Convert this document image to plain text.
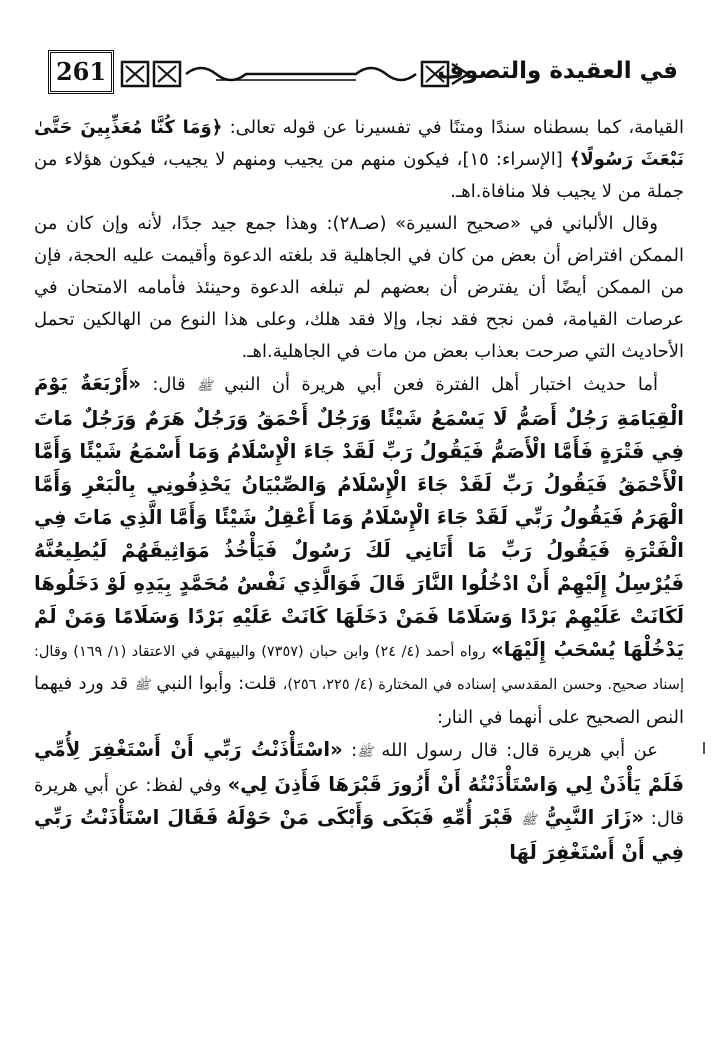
261	في العقيدة والتصوف

القيامة، كما بسطناه سندًا ومتنًا في تفسيرنا عن قوله تعالى: ﴿وَمَا كُنَّا مُعَذِّبِينَ حَتَّىٰ نَبْعَثَ رَسُولًا﴾ [الإسراء: ١٥]، فيكون منهم من يجيب ومنهم لا يجيب، فيكون هؤلاء من جملة من لا يجيب فلا منافاة.اهـ.

وقال الألباني في «صحيح السيرة» (صـ٢٨): وهذا جمع جيد جدًا، لأنه وإن كان من الممكن افتراض أن بعض من كان في الجاهلية قد بلغته الدعوة وأقيمت عليه الحجة، فإن من الممكن أيضًا أن يفترض أن بعضهم لم تبلغه الدعوة وحينئذ فأمامه الامتحان في عرصات القيامة، فمن نجح فقد نجا، وإلا فقد هلك، وعلى هذا النوع من الهالكين تحمل الأحاديث التي صرحت بعذاب بعض من مات في الجاهلية.اهـ.

أما حديث اختبار أهل الفترة فعن أبي هريرة أن النبي ﷺ قال: «أَرْبَعَةٌ يَوْمَ الْقِيَامَةِ رَجُلٌ أَصَمُّ لَا يَسْمَعُ شَيْئًا وَرَجُلٌ أَحْمَقُ وَرَجُلٌ هَرَمٌ وَرَجُلٌ مَاتَ فِي فَتْرَةٍ فَأَمَّا الْأَصَمُّ فَيَقُولُ رَبِّ لَقَدْ جَاءَ الْإِسْلَامُ وَمَا أَسْمَعُ شَيْئًا وَأَمَّا الْأَحْمَقُ فَيَقُولُ رَبِّ لَقَدْ جَاءَ الْإِسْلَامُ وَالصِّبْيَانُ يَحْذِفُونِي بِالْبَعْرِ وَأَمَّا الْهَرَمُ فَيَقُولُ رَبِّي لَقَدْ جَاءَ الْإِسْلَامُ وَمَا أَعْقِلُ شَيْئًا وَأَمَّا الَّذِي مَاتَ فِي الْفَتْرَةِ فَيَقُولُ رَبِّ مَا أَتَانِي لَكَ رَسُولٌ فَيَأْخُذُ مَوَاثِيقَهُمْ لَيُطِيعُنَّهُ فَيُرْسِلُ إِلَيْهِمْ أَنْ ادْخُلُوا النَّارَ قَالَ فَوَالَّذِي نَفْسُ مُحَمَّدٍ بِيَدِهِ لَوْ دَخَلُوهَا لَكَانَتْ عَلَيْهِمْ بَرْدًا وَسَلَامًا فَمَنْ دَخَلَهَا كَانَتْ عَلَيْهِ بَرْدًا وَسَلَامًا وَمَنْ لَمْ يَدْخُلْهَا يُسْحَبُ إِلَيْهَا» رواه أحمد (٤/ ٢٤) وابن حبان (٧٣٥٧) والبيهقي في الاعتقاد (١/ ١٦٩) وقال: إسناد صحيح. وحسن المقدسي إسناده في المختارة (٤/ ٢٢٥، ٢٥٦)، قلت: وأبوا النبي ﷺ قد ورد فيهما النص الصحيح على أنهما في النار:

عن أبي هريرة قال: قال رسول الله ﷺ: «اسْتَأْذَنْتُ رَبِّي أَنْ أَسْتَغْفِرَ لِأُمِّي فَلَمْ يَأْذَنْ لِي وَاسْتَأْذَنْتُهُ أَنْ أَزُورَ قَبْرَهَا فَأَذِنَ لِي» وفي لفظ: عن أبي هريرة قال: «زَارَ النَّبِيُّ ﷺ قَبْرَ أُمِّهِ فَبَكَى وَأَبْكَى مَنْ حَوْلَهُ فَقَالَ اسْتَأْذَنْتُ رَبِّي فِي أَنْ أَسْتَغْفِرَ لَهَا
